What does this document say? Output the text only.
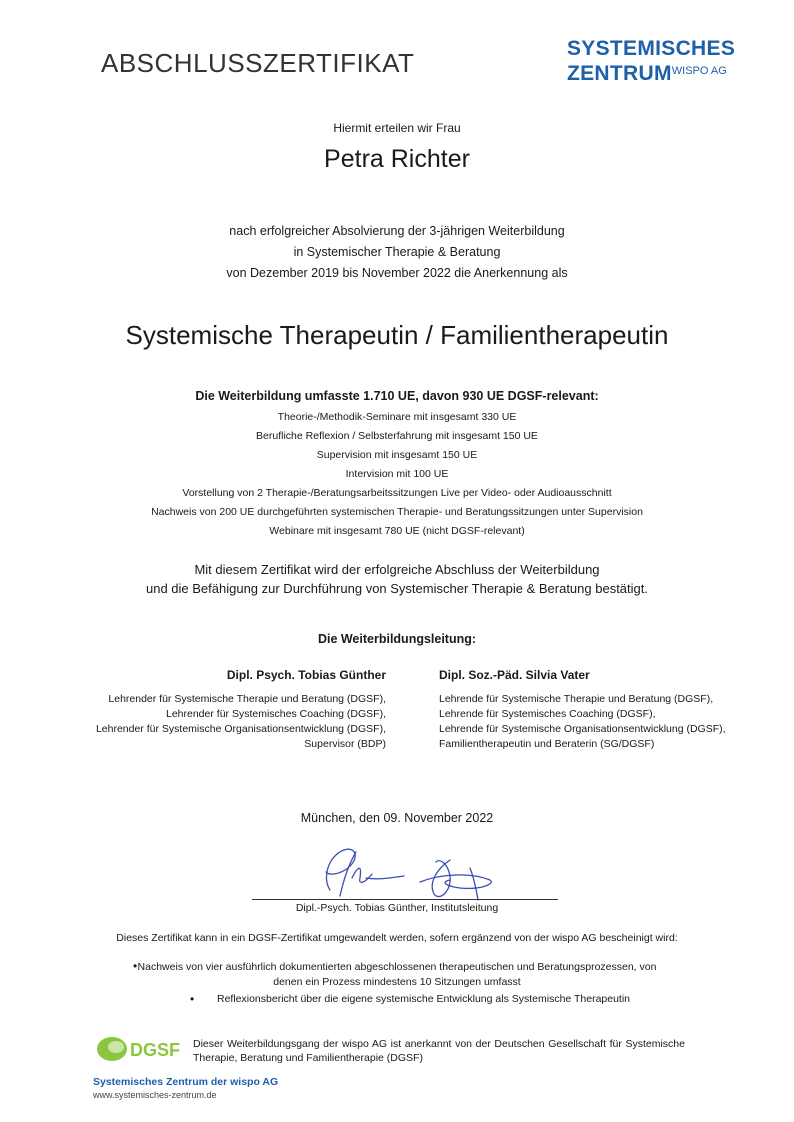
ABSCHLUSSZERTIFIKAT	SYSTEMISCHES
$ZENTRUM^{WISPO AG}$
Hiermit erteilen wir Frau
Petra Richter
nach erfolgreicher Absolvierung der 3-jährigen Weiterbildung
in Systemischer Therapie & Beratung
von Dezember 2019 bis November 2022 die Anerkennung als
Systemische Therapeutin / Familientherapeutin
Die Weiterbildung umfasste 1.710 UE, davon 930 UE DGSF-relevant:
Theorie-/Methodik-Seminare mit insgesamt 330 UE
Berufliche Reflexion / Selbsterfahrung mit insgesamt 150 UE
Supervision mit insgesamt 150 UE
Intervision mit 100 UE
Vorstellung von 2 Therapie-/Beratungsarbeitssitzungen Live per Video- oder Audioausschnitt
Nachweis von 200 UE durchgeführten systemischen Therapie- und Beratungssitzungen unter Supervision
Webinare mit insgesamt 780 UE (nicht DGSF-relevant)
Mit diesem Zertifikat wird der erfolgreiche Abschluss der Weiterbildung
und die Befähigung zur Durchführung von Systemischer Therapie & Beratung bestätigt.
Die Weiterbildungsleitung:
Dipl. Psych. Tobias Günther	Dipl. Soz.-Päd. Silvia Vater
Lehrender für Systemische Therapie und Beratung (DGSF),
Lehrender für Systemisches Coaching (DGSF),
Lehrender für Systemische Organisationsentwicklung (DGSF),
Supervisor (BDP)
Lehrende für Systemische Therapie und Beratung (DGSF),
Lehrende für Systemisches Coaching (DGSF),
Lehrende für Systemische Organisationsentwicklung (DGSF),
Familientherapeutin und Beraterin (SG/DGSF)
München, den 09. November 2022
Dipl.-Psych. Tobias Günther, Institutsleitung
Dieses Zertifikat kann in ein DGSF-Zertifikat umgewandelt werden, sofern ergänzend von der wispo AG bescheinigt wird:
• Nachweis von vier ausführlich dokumentierten abgeschlossenen therapeutischen und Beratungsprozessen, von
denen ein Prozess mindestens 10 Sitzungen umfasst
• Reflexionsbericht über die eigene systemische Entwicklung als Systemische Therapeutin
DGSF Dieser Weiterbildungsgang der wispo AG ist anerkannt von der Deutschen Gesellschaft für Systemische Therapie, Beratung und Familientherapie (DGSF)
Systemisches Zentrum der wispo AG
www.systemisches-zentrum.de
